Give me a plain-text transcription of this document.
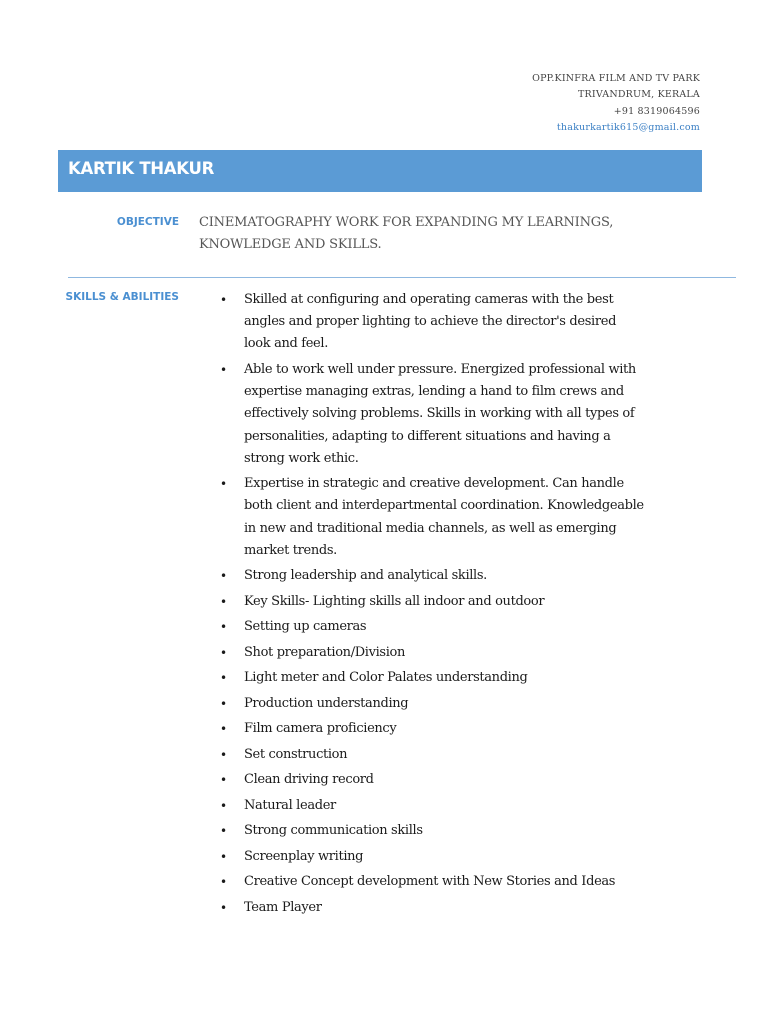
OPP.KINFRA FILM AND TV PARK
TRIVANDRUM, KERALA
+91 8319064596
thakurkartik615@gmail.com
KARTIK THAKUR
OBJECTIVE CINEMATOGRAPHY WORK FOR EXPANDING MY LEARNINGS, KNOWLEDGE AND SKILLS.
SKILLS & ABILITIES	• Skilled at configuring and operating cameras with the best angles and proper lighting to achieve the director's desired look and feel.
• Able to work well under pressure. Energized professional with expertise managing extras, lending a hand to film crews and effectively solving problems. Skills in working with all types of personalities, adapting to different situations and having a strong work ethic.
• Expertise in strategic and creative development. Can handle both client and interdepartmental coordination. Knowledgeable in new and traditional media channels, as well as emerging market trends.
• Strong leadership and analytical skills.
• Key Skills- Lighting skills all indoor and outdoor
• Setting up cameras
• Shot preparation/Division
• Light meter and Color Palates understanding
• Production understanding
• Film camera proficiency
• Set construction
• Clean driving record
• Natural leader
• Strong communication skills
• Screenplay writing
• Creative Concept development with New Stories and Ideas
• Team Player
